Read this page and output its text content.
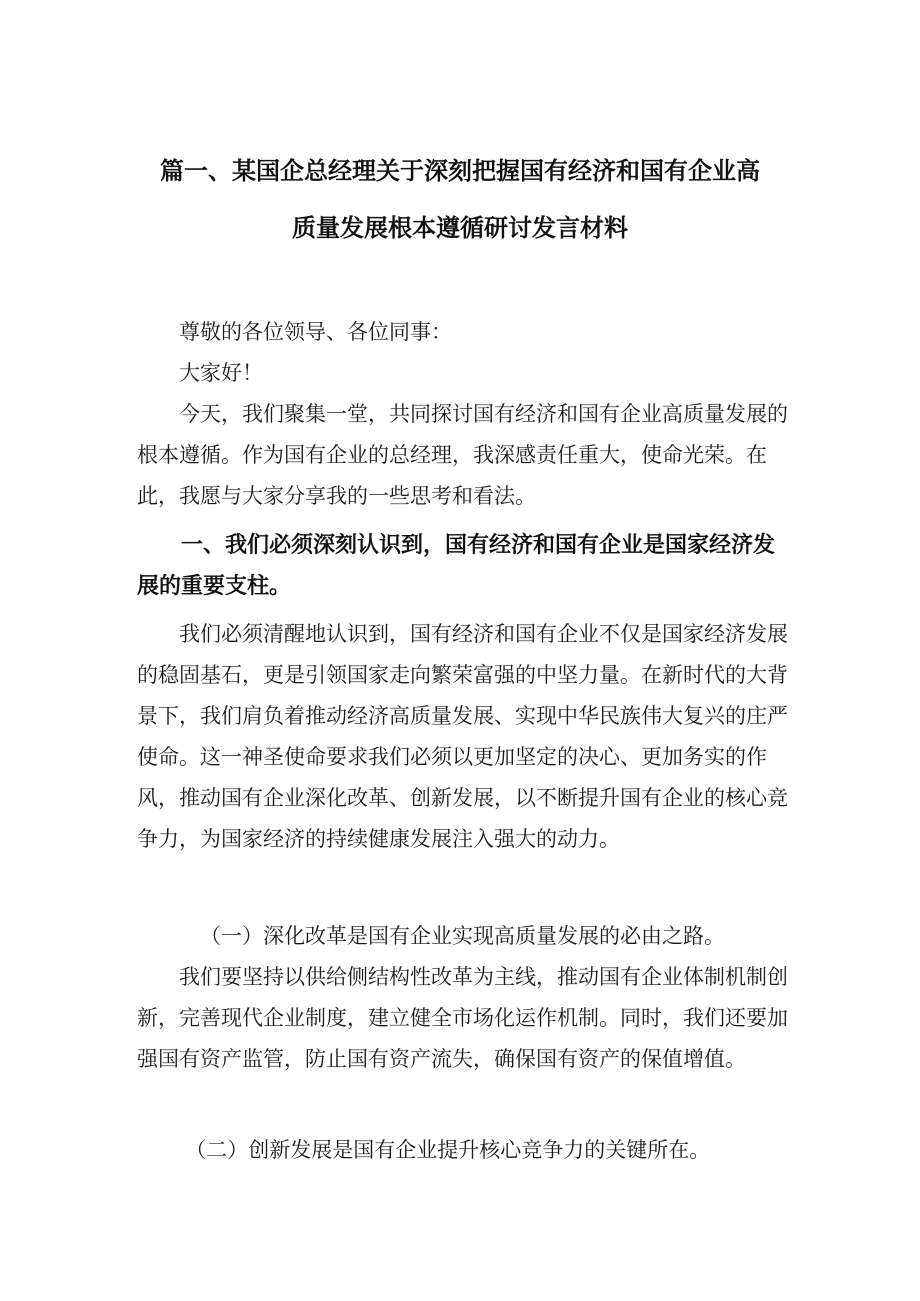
篇一、某国企总经理关于深刻把握国有经济和国有企业高
质量发展根本遵循研讨发言材料

尊敬的各位领导、各位同事：

大家好！

今天，我们聚集一堂，共同探讨国有经济和国有企业高质量发展的根本遵循。作为国有企业的总经理，我深感责任重大，使命光荣。在此，我愿与大家分享我的一些思考和看法。

一、我们必须深刻认识到，国有经济和国有企业是国家经济发展的重要支柱。

我们必须清醒地认识到，国有经济和国有企业不仅是国家经济发展的稳固基石，更是引领国家走向繁荣富强的中坚力量。在新时代的大背景下，我们肩负着推动经济高质量发展、实现中华民族伟大复兴的庄严使命。这一神圣使命要求我们必须以更加坚定的决心、更加务实的作风，推动国有企业深化改革、创新发展，以不断提升国有企业的核心竞争力，为国家经济的持续健康发展注入强大的动力。

（一）深化改革是国有企业实现高质量发展的必由之路。

我们要坚持以供给侧结构性改革为主线，推动国有企业体制机制创新，完善现代企业制度，建立健全市场化运作机制。同时，我们还要加强国有资产监管，防止国有资产流失，确保国有资产的保值增值。

（二）创新发展是国有企业提升核心竞争力的关键所在。
